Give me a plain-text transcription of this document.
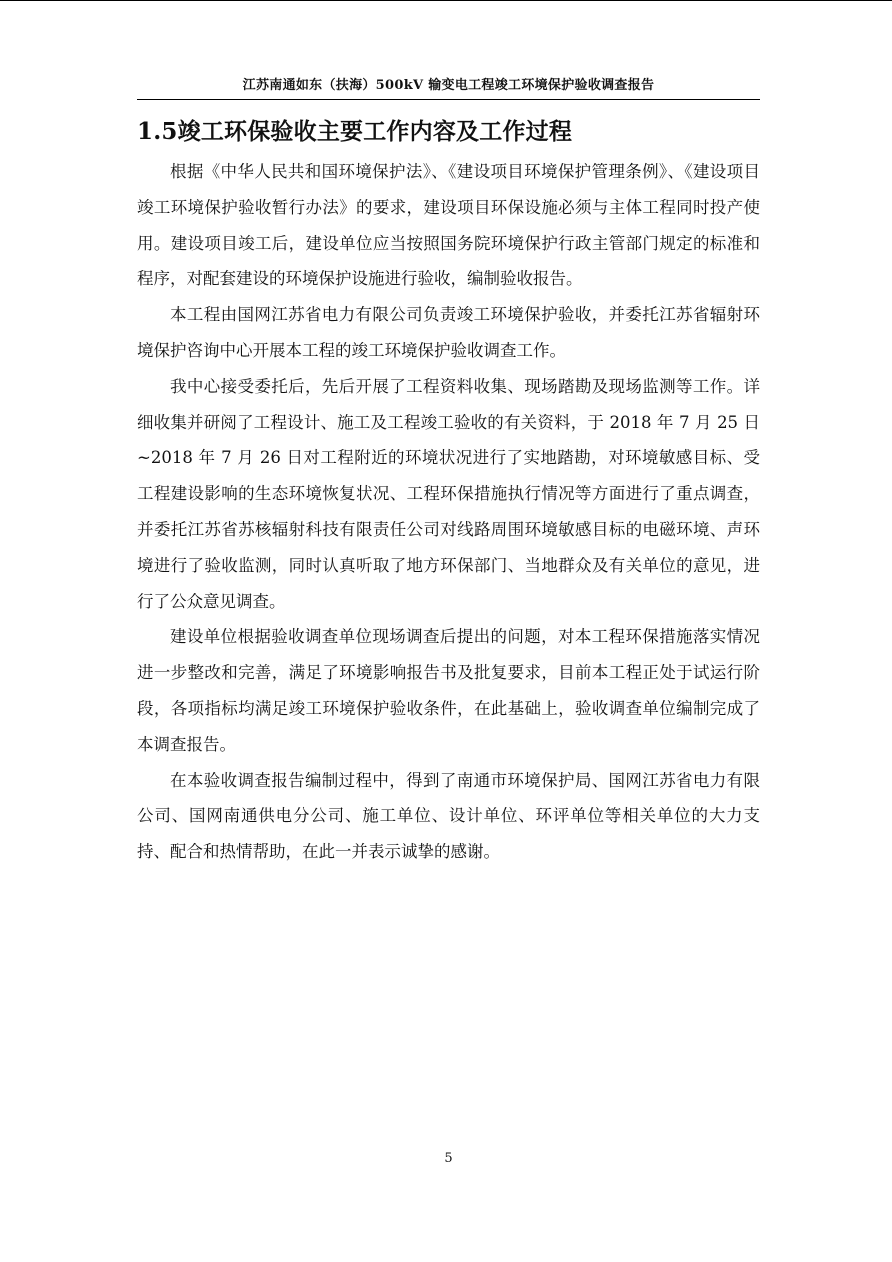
江苏南通如东（扶海）500kV 输变电工程竣工环境保护验收调查报告
1.5竣工环保验收主要工作内容及工作过程

根据《中华人民共和国环境保护法》、《建设项目环境保护管理条例》、《建设项目竣工环境保护验收暂行办法》的要求，建设项目环保设施必须与主体工程同时投产使用。建设项目竣工后，建设单位应当按照国务院环境保护行政主管部门规定的标准和程序，对配套建设的环境保护设施进行验收，编制验收报告。

本工程由国网江苏省电力有限公司负责竣工环境保护验收，并委托江苏省辐射环境保护咨询中心开展本工程的竣工环境保护验收调查工作。

我中心接受委托后，先后开展了工程资料收集、现场踏勘及现场监测等工作。详细收集并研阅了工程设计、施工及工程竣工验收的有关资料，于 2018 年 7 月 25 日~2018 年 7 月 26 日对工程附近的环境状况进行了实地踏勘，对环境敏感目标、受工程建设影响的生态环境恢复状况、工程环保措施执行情况等方面进行了重点调查，并委托江苏省苏核辐射科技有限责任公司对线路周围环境敏感目标的电磁环境、声环境进行了验收监测，同时认真听取了地方环保部门、当地群众及有关单位的意见，进行了公众意见调查。

建设单位根据验收调查单位现场调查后提出的问题，对本工程环保措施落实情况进一步整改和完善，满足了环境影响报告书及批复要求，目前本工程正处于试运行阶段，各项指标均满足竣工环境保护验收条件，在此基础上，验收调查单位编制完成了本调查报告。

在本验收调查报告编制过程中，得到了南通市环境保护局、国网江苏省电力有限公司、国网南通供电分公司、施工单位、设计单位、环评单位等相关单位的大力支持、配合和热情帮助，在此一并表示诚挚的感谢。

5
